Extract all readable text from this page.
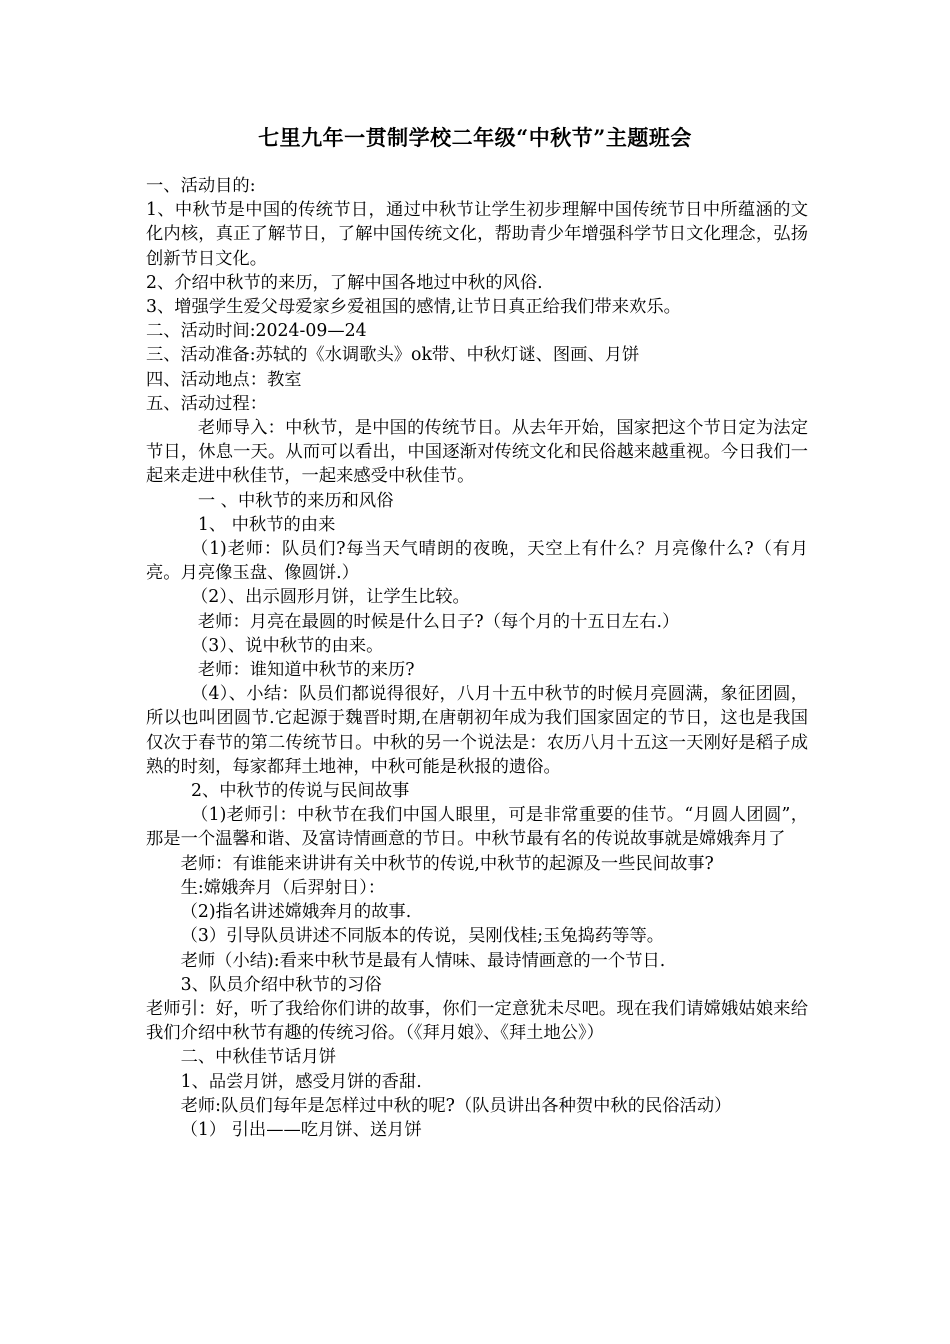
七里九年一贯制学校二年级“中秋节”主题班会

一、活动目的:

1、中秋节是中国的传统节日，通过中秋节让学生初步理解中国传统节日中所蕴涵的文化内核，真正了解节日，了解中国传统文化，帮助青少年增强科学节日文化理念，弘扬创新节日文化。

2、介绍中秋节的来历，了解中国各地过中秋的风俗.

3、增强学生爱父母爱家乡爱祖国的感情,让节日真正给我们带来欢乐。

二、活动时间:2024-09—24

三、活动准备:苏轼的《水调歌头》ok带、中秋灯谜、图画、月饼

四、活动地点：教室

五、活动过程：

老师导入：中秋节，是中国的传统节日。从去年开始，国家把这个节日定为法定节日，休息一天。从而可以看出，中国逐渐对传统文化和民俗越来越重视。今日我们一起来走进中秋佳节，一起来感受中秋佳节。

一 、中秋节的来历和风俗

1、 中秋节的由来

（1)老师：队员们?每当天气晴朗的夜晚，天空上有什么？月亮像什么?（有月亮。月亮像玉盘、像圆饼.）

（2）、出示圆形月饼，让学生比较。

老师：月亮在最圆的时候是什么日子?（每个月的十五日左右.）

（3）、说中秋节的由来。

老师：谁知道中秋节的来历?

（4）、小结：队员们都说得很好，八月十五中秋节的时候月亮圆满，象征团圆，所以也叫团圆节.它起源于魏晋时期,在唐朝初年成为我们国家固定的节日，这也是我国仅次于春节的第二传统节日。中秋的另一个说法是：农历八月十五这一天刚好是稻子成熟的时刻，每家都拜土地神，中秋可能是秋报的遗俗。

2、中秋节的传说与民间故事

（1)老师引：中秋节在我们中国人眼里，可是非常重要的佳节。“月圆人团圆”，那是一个温馨和谐、及富诗情画意的节日。中秋节最有名的传说故事就是嫦娥奔月了

老师：有谁能来讲讲有关中秋节的传说,中秋节的起源及一些民间故事?

生:嫦娥奔月（后羿射日）：

（2)指名讲述嫦娥奔月的故事.

（3）引导队员讲述不同版本的传说，吴刚伐桂;玉兔捣药等等。

老师（小结):看来中秋节是最有人情味、最诗情画意的一个节日.

3、队员介绍中秋节的习俗

老师引：好，听了我给你们讲的故事，你们一定意犹未尽吧。现在我们请嫦娥姑娘来给我们介绍中秋节有趣的传统习俗。（《拜月娘》、《拜土地公》）

二、中秋佳节话月饼

1、品尝月饼，感受月饼的香甜.

老师:队员们每年是怎样过中秋的呢?（队员讲出各种贺中秋的民俗活动）

（1） 引出——吃月饼、送月饼
